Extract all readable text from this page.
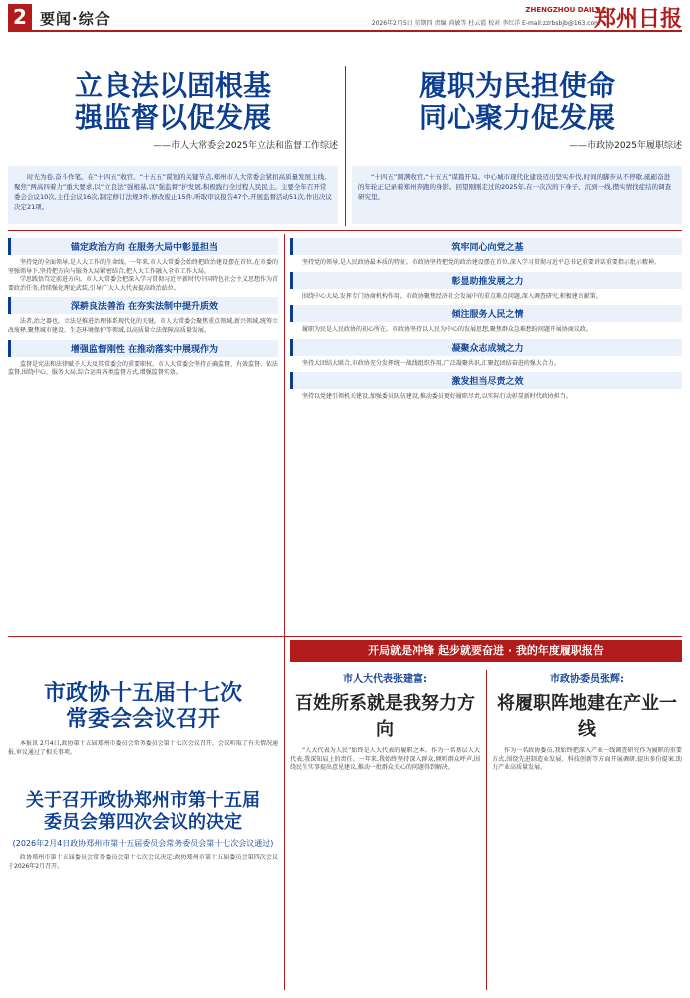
2 要闻·综合	ZHENGZHOU DAILY
2026年2月5日 星期四 责编 尚敏等 杜云霞 校对 李红洋 E-mail:zzrbsbjb@163.com
郑州日报
立良法以固根基
强监督以促发展
——市人大常委会2025年立法和监督工作综述
时光为卷,奋斗作笔。在“十四五”收官、“十五五”谋划的关键节点,郑州市人大常委会紧扣高质量发展主线,聚焦“两高四着力”重大要求,以“立良法”强根基,以“强监督”护发展,积极践行全过程人民民主。主要全年召开常委会会议10次,主任会议16次,制定修订法规3件,修改废止15件,听取审议报告47个,开展监督活动51次,作出决议决定21项。
履职为民担使命
同心聚力促发展
——市政协2025年履职综述
“十四五”圆满收官,“十五五”谋篇开局。中心城市现代化建设迈出坚实步伐,时间的脚步从不停歇,砥砺奋进的年轮正记录着郑州奔跑的身影。回望刚刚走过的2025年,在一次次的下身子、沉到一线,攒实情找症结的调查研究里。
锚定政治方向 在服务大局中彰显担当

坚持党的全面领导,是人大工作的生命线。一年来,市人大常委会始终把政治建设摆在首位,在市委的坚强领导下,坚持把方向与服务大局紧密结合,把人大工作融入全市工作大局。

学思践悟笃定前进方向。市人大常委会把深入学习贯彻习近平新时代中国特色社会主义思想作为首要政治任务,持续强化理论武装,引导广大人大代表提高政治站位。

深耕良法善治 在夯实法制中提升质效

法者,治之器也。立法是推进治理体系现代化的关键。市人大常委会聚焦重点领域,新兴领域,统筹立改废释,聚焦城市建设、生态环境保护等领域,以高质量立法保障高质量发展。

增强监督刚性 在推动落实中展现作为

监督是宪法和法律赋予人大及其常委会的重要职权。市人大常委会坚持正确监督、有效监督、依法监督,围绕中心、服务大局,综合运用各类监督方式,增强监督实效。

筑牢同心向党之基

坚持党的领导,是人民政协最本质的特征。市政协坚持把党的政治建设摆在首位,深入学习贯彻习近平总书记重要讲话重要指示批示精神。

彰显助推发展之力

围绕中心大局,发挥专门协商机构作用。市政协聚焦经济社会发展中的重点难点问题,深入调查研究,积极建言献策。

倾注服务人民之情

履职为民是人民政协的初心所在。市政协坚持以人民为中心的发展思想,聚焦群众急难愁盼问题开展协商议政。

凝聚众志成城之力

坚持大团结大联合,市政协充分发挥统一战线组织作用,广泛凝聚共识,汇聚起团结奋进的强大合力。

激发担当尽责之效

坚持以党建引领机关建设,加强委员队伍建设,推动委员更好履职尽责,以实际行动彰显新时代政协担当。

市政协十五届十七次
常委会会议召开

本报讯 2月4日,政协第十五届郑州市委员会常务委员会第十七次会议召开。会议听取了有关情况通报,审议通过了相关事项。

关于召开政协郑州市第十五届
委员会第四次会议的决定
(2026年2月4日政协郑州市第十五届委员会常务委员会第十七次会议通过)

政协郑州市第十五届委员会常务委员会第十七次会议决定:政协郑州市第十五届委员会第四次会议于2026年2月召开。

开局就是冲锋 起步就要奋进 · 我的年度履职报告
市人大代表张建富:
百姓所系就是我努力方向

“人大代表为人民”始终是人大代表的履职之本。作为一名基层人大代表,我深知肩上的责任。一年来,我始终坚持深入群众,倾听群众呼声,围绕民生实事提出意见建议,推动一批群众关心的问题得到解决。

市政协委员张辉:
将履职阵地建在产业一线

作为一名政协委员,我始终把深入产业一线调查研究作为履职的重要方式,围绕先进制造业发展、科技创新等方面开展调研,提出多份提案,助力产业高质量发展。
